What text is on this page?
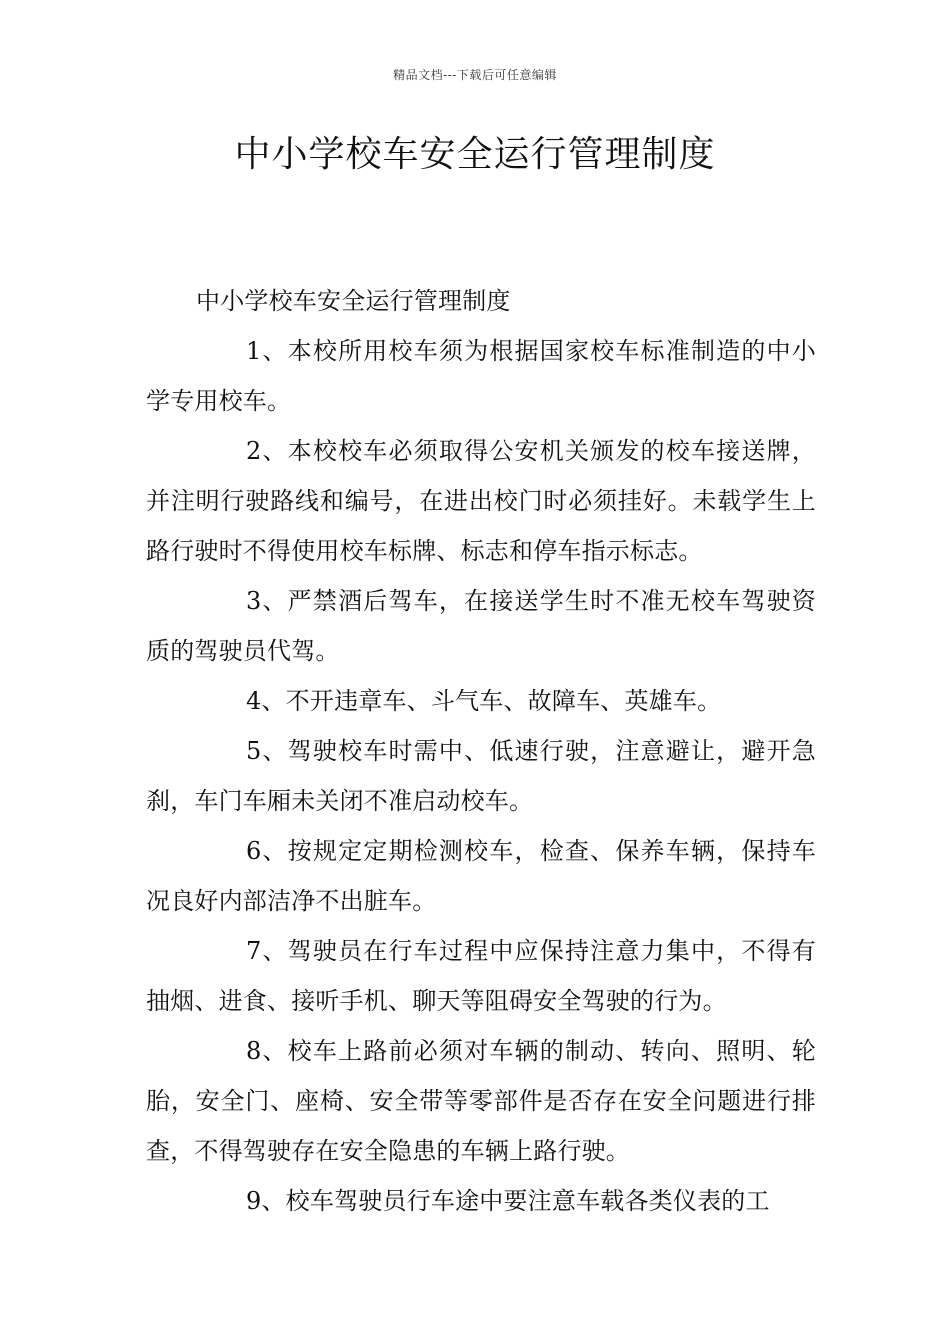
精品文档---下载后可任意编辑
中小学校车安全运行管理制度

中小学校车安全运行管理制度

1、本校所用校车须为根据国家校车标准制造的中小学专用校车。

2、本校校车必须取得公安机关颁发的校车接送牌，并注明行驶路线和编号，在进出校门时必须挂好。未载学生上路行驶时不得使用校车标牌、标志和停车指示标志。

3、严禁酒后驾车，在接送学生时不准无校车驾驶资质的驾驶员代驾。

4、不开违章车、斗气车、故障车、英雄车。

5、驾驶校车时需中、低速行驶，注意避让，避开急刹，车门车厢未关闭不准启动校车。

6、按规定定期检测校车，检查、保养车辆，保持车况良好内部洁净不出脏车。

7、驾驶员在行车过程中应保持注意力集中，不得有抽烟、进食、接听手机、聊天等阻碍安全驾驶的行为。

8、校车上路前必须对车辆的制动、转向、照明、轮胎，安全门、座椅、安全带等零部件是否存在安全问题进行排查，不得驾驶存在安全隐患的车辆上路行驶。

9、校车驾驶员行车途中要注意车载各类仪表的工
